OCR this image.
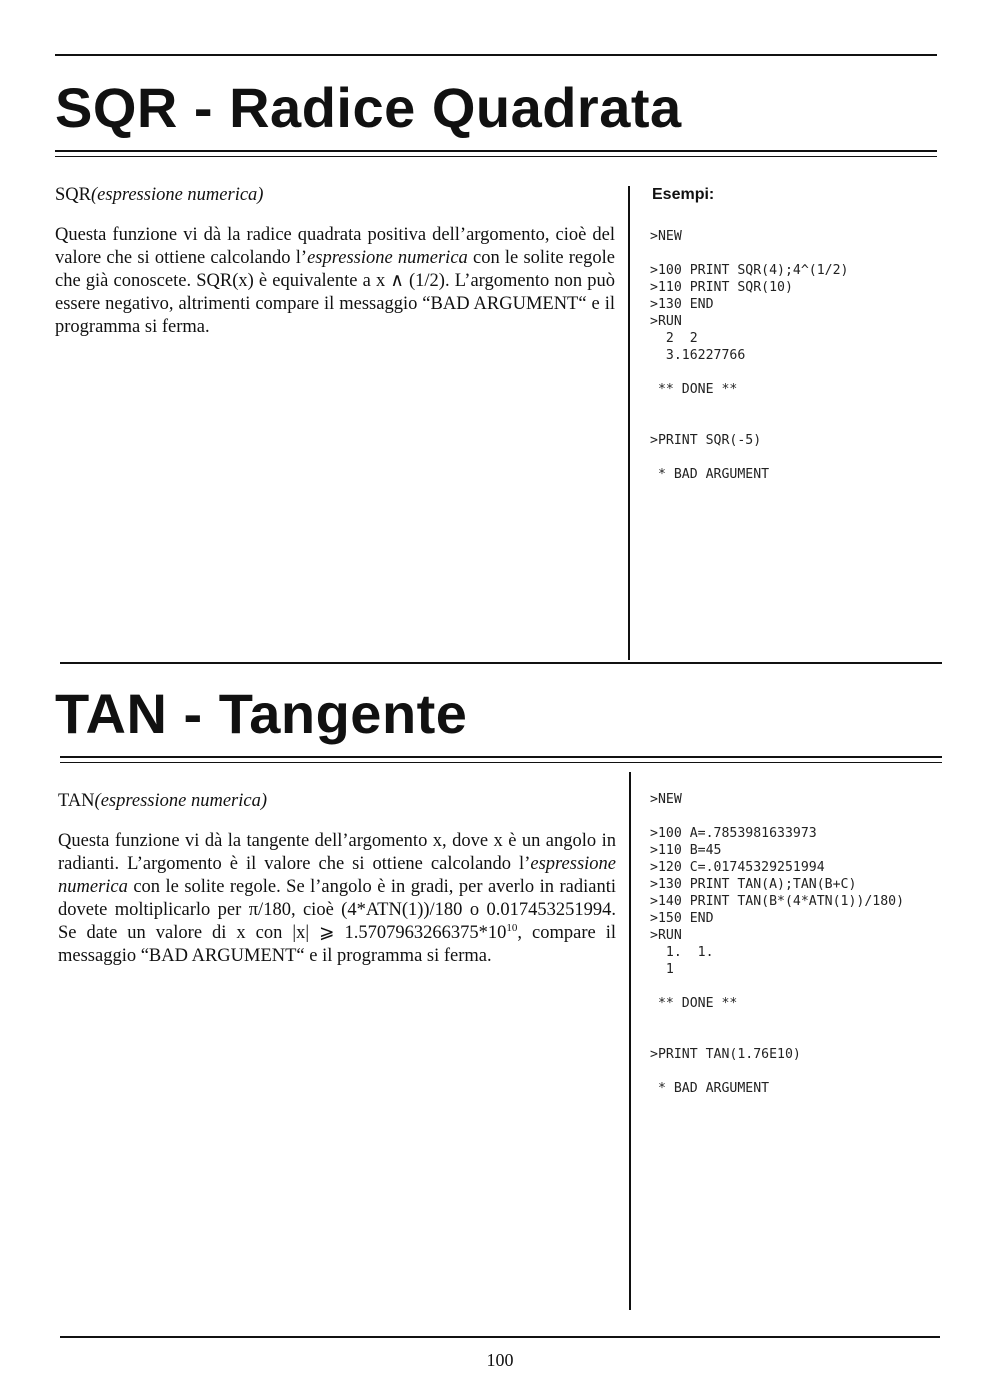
SQR - Radice Quadrata

SQR(espressione numerica)

Questa funzione vi dà la radice quadrata positiva dell’argomento, cioè del valore che si ottiene calcolando l’espressione numerica con le solite regole che già conoscete. SQR(x) è equivalente a x ∧ (1/2). L’argomento non può essere negativo, altrimenti compare il messaggio “BAD ARGUMENT“ e il programma si ferma.

Esempi:
>NEW

>100 PRINT SQR(4);4^(1/2)
>110 PRINT SQR(10)
>130 END
>RUN
2  2
3.16227766

** DONE **

>PRINT SQR(-5)

* BAD ARGUMENT
TAN - Tangente

TAN(espressione numerica)

Questa funzione vi dà la tangente dell’argomento x, dove x è un angolo in radianti. L’argomento è il valore che si ottiene calcolando l’espressione numerica con le solite regole. Se l’angolo è in gradi, per averlo in radianti dovete moltiplicarlo per π/180, cioè (4*ATN(1))/180 o 0.017453251994. Se date un valore di x con |x| ⩾ $1.5707963266375*10^{10}$, compare il messaggio “BAD ARGUMENT“ e il programma si ferma.

>NEW

>100 A=.7853981633973
>110 B=45
>120 C=.01745329251994
>130 PRINT TAN(A);TAN(B+C)
>140 PRINT TAN(B*(4*ATN(1))/180)
>150 END
>RUN
1.  1.
1

** DONE **

>PRINT TAN(1.76E10)

* BAD ARGUMENT
100
